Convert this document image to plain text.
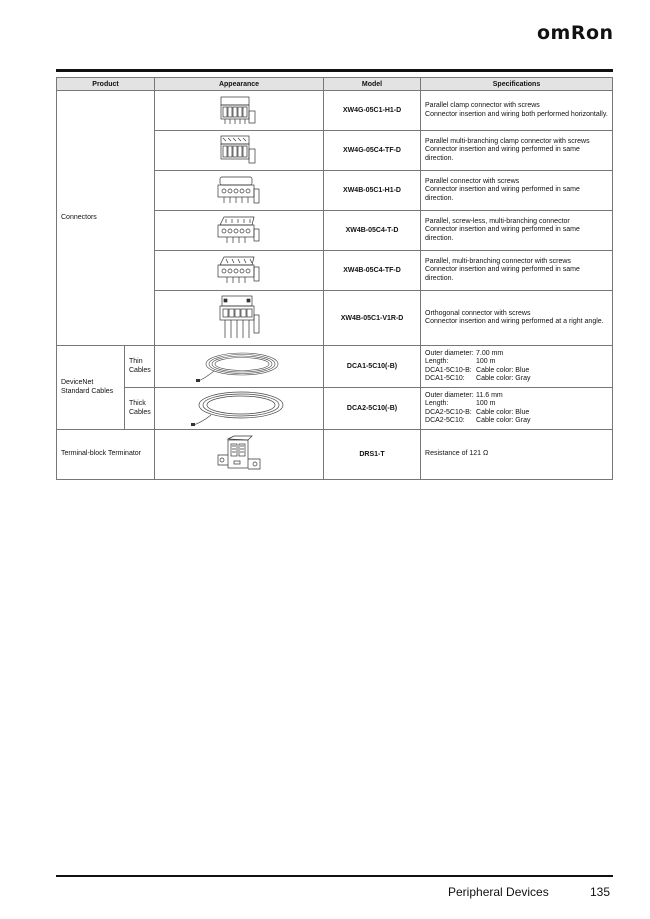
omRon
Product		Appearance	Model	Specifications
Connectors			XW4G-05C1-H1-D	Parallel clamp connector with screws
Connector insertion and wiring both performed horizontally.

	XW4G-05C4-TF-D	Parallel multi-branching clamp connector with screws
Connector insertion and wiring performed in same direction.

	XW4B-05C1-H1-D	Parallel connector with screws
Connector insertion and wiring performed in same direction.

	XW4B-05C4-T-D	Parallel, screw-less, multi-branching connector
Connector insertion and wiring performed in same direction.

	XW4B-05C4-TF-D	Parallel, multi-branching connector with screws
Connector insertion and wiring performed in same direction.

	XW4B-05C1-V1R-D	Orthogonal connector with screws
Connector insertion and wiring performed at a right angle.

DeviceNet Standard Cables	Thin Cables		DCA1-5C10(-B)	
Outer diameter: 7.00 mm
Length:	100 m
DCA1-5C10-B: Cable color: Blue
DCA1-5C10:	Cable color: Gray

Thick Cables		DCA2-5C10(-B)	
Outer diameter: 11.6 mm
Length:	100 m
DCA2-5C10-B: Cable color: Blue
DCA2-5C10:	Cable color: Gray

Terminal-block Terminator			DRS1-T	Resistance of 121 Ω
Peripheral Devices	135
